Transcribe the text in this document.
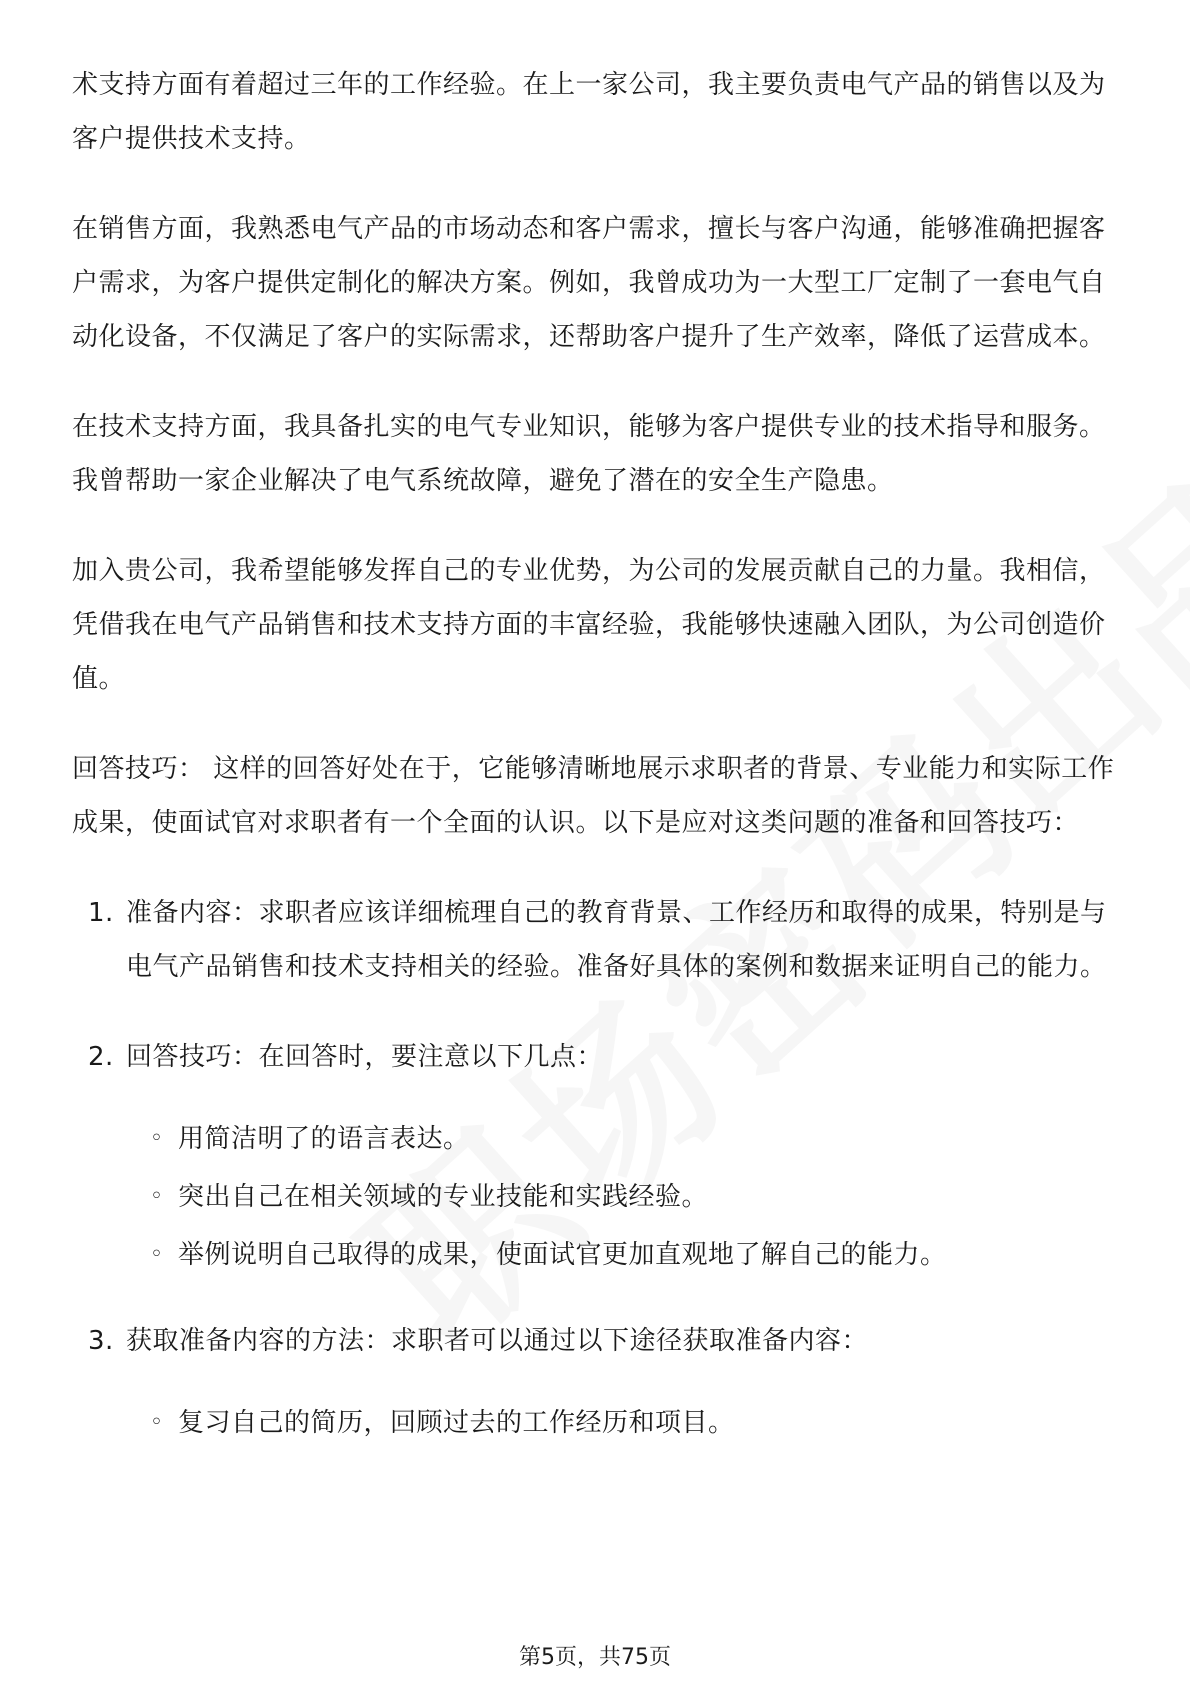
术支持方面有着超过三年的工作经验。在上一家公司，我主要负责电气产品的销售以及为客户提供技术支持。

在销售方面，我熟悉电气产品的市场动态和客户需求，擅长与客户沟通，能够准确把握客户需求，为客户提供定制化的解决方案。例如，我曾成功为一大型工厂定制了一套电气自动化设备，不仅满足了客户的实际需求，还帮助客户提升了生产效率，降低了运营成本。

在技术支持方面，我具备扎实的电气专业知识，能够为客户提供专业的技术指导和服务。我曾帮助一家企业解决了电气系统故障，避免了潜在的安全生产隐患。

加入贵公司，我希望能够发挥自己的专业优势，为公司的发展贡献自己的力量。我相信，凭借我在电气产品销售和技术支持方面的丰富经验，我能够快速融入团队，为公司创造价值。

回答技巧： 这样的回答好处在于，它能够清晰地展示求职者的背景、专业能力和实际工作成果，使面试官对求职者有一个全面的认识。以下是应对这类问题的准备和回答技巧：

1. 准备内容：求职者应该详细梳理自己的教育背景、工作经历和取得的成果，特别是与电气产品销售和技术支持相关的经验。准备好具体的案例和数据来证明自己的能力。
2. 回答技巧：在回答时，要注意以下几点：
◦ 用简洁明了的语言表达。
◦ 突出自己在相关领域的专业技能和实践经验。
◦ 举例说明自己取得的成果，使面试官更加直观地了解自己的能力。
3. 获取准备内容的方法：求职者可以通过以下途径获取准备内容：
◦ 复习自己的简历，回顾过去的工作经历和项目。
第5页，共75页
